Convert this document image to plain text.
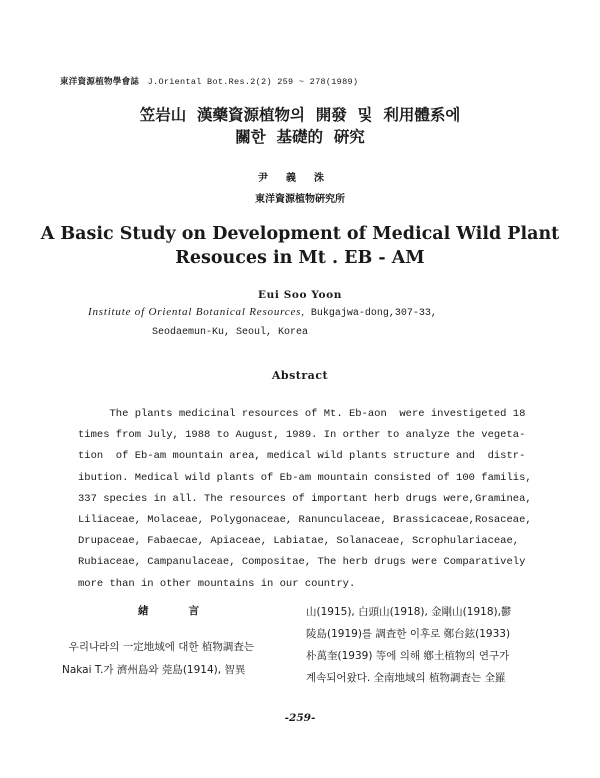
東洋資源植物學會誌 J.Oriental Bot.Res.2(2) 259 ~ 278(1989)
笠岩山  漢藥資源植物의  開發  및  利用體系에
關한  基礎的  硏究
尹義洙
東洋資源植物硏究所
A Basic Study on Development of Medical Wild Plant
Resouces in Mt . EB - AM
Eui Soo Yoon
Institute of Oriental Botanical Resources, Bukgajwa-dong,307-33,
Seodaemun-Ku, Seoul, Korea
Abstract
The plants medicinal resources of Mt. Eb-aon  were investigeted 18
times from July, 1988 to August, 1989. In orther to analyze the vegeta-
tion  of Eb-am mountain area, medical wild plants structure and  distr-
ibution. Medical wild plants of Eb-am mountain consisted of 100 familis,
337 species in all. The resources of important herb drugs were,Graminea,
Liliaceae, Molaceae, Polygonaceae, Ranunculaceae, Brassicaceae,Rosaceae,
Drupaceae, Fabaecae, Apiaceae, Labiatae, Solanaceae, Scrophulariaceae,
Rubiaceae, Campanulaceae, Compositae, The herb drugs were Comparatively
more than in other mountains in our country.
緖言
우리나라의 一定地域에 대한 植物調査는
Nakai T.가 濟州島와 莞島(1914), 智異
山(1915), 白頭山(1918), 金剛山(1918),鬱
陵島(1919)를 調査한 이후로 鄭台鉉(1933)
朴萬奎(1939) 等에 의해 鄕土植物의 연구가
계속되어왔다. 全南地域의 植物調査는 全羅
-259-
